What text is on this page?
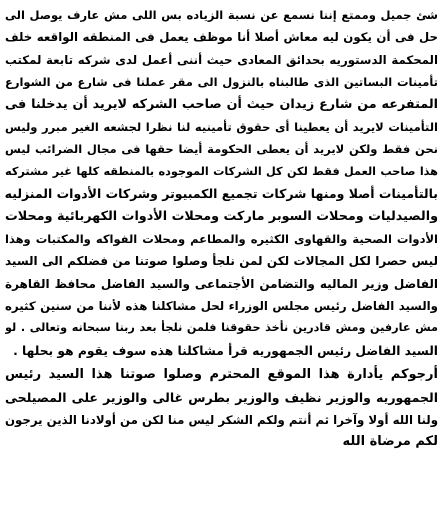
شئ جميل وممتع إننا نسمع عن نسبة الزياده بس اللى مش عارف يوصل الى
حل فى أن يكون ليه معاش أصلا أنا موظف يعمل فى المنطقه الواقعه خلف
المحكمة الدستوريه بحدائق المعادى حيث أننى أعمل لدى شركه تابعة لمكتب
تأمينات البساتين الذى طالبناه بالنزول الى مقر عملنا فى شارع من الشوارع
المتفرعه من شارع زيدان حيث أن صاحب الشركه لايريد أن يدخلنا فى
التأمينات لايريد أن يعطينا أى حقوق تأمينيه لنا نظرا لجشعه الغير مبرر وليس
نحن فقط ولكن لايريد أن يعطى الحكومة أيضا حقها فى مجال الضرائب ليس
هذا صاحب العمل فقط لكن كل الشركات الموجوده بالمنطقه كلها غير مشتركه
بالتأمينات أصلا ومنها شركات تجميع الكمبيوتر وشركات الأدوات المنزليه
والصيدليات ومحلات السوبر ماركت ومحلات الأدوات الكهربائية ومحلات
الأدوات الصحية والقهاوى الكثيره والمطاعم ومحلات الفواكه والمكتبات وهذا
ليس حصرا لكل المجالات لكن لمن نلجأ وصلوا صوتنا من فضلكم الى السيد
الفاضل وزير الماليه والتضامن الأجتماعى والسيد الفاضل محافظ القاهرة
والسيد الفاضل رئيس مجلس الوزراء لحل مشاكلنا هذه لأننا من سنين كثيره
مش عارفين ومش قادرين نأخذ حقوقنا فلمن نلجأ بعد ربنا سبحانه وتعالى . لو
السيد الفاضل رئيس الجمهوريه قرأ مشاكلنا هذه سوف يقوم هو بحلها .
أرجوكم يأدارة هذا الموقع المحترم وصلوا صوتنا هذا السيد رئيس
الجمهوريه والوزير نظيف والوزير بطرس غالى والوزير على المصيلحى
ولنا الله أولا وآخرا ثم أنتم ولكم الشكر ليس منا لكن من أولادنا الذين يرجون
لكم مرضاة الله
